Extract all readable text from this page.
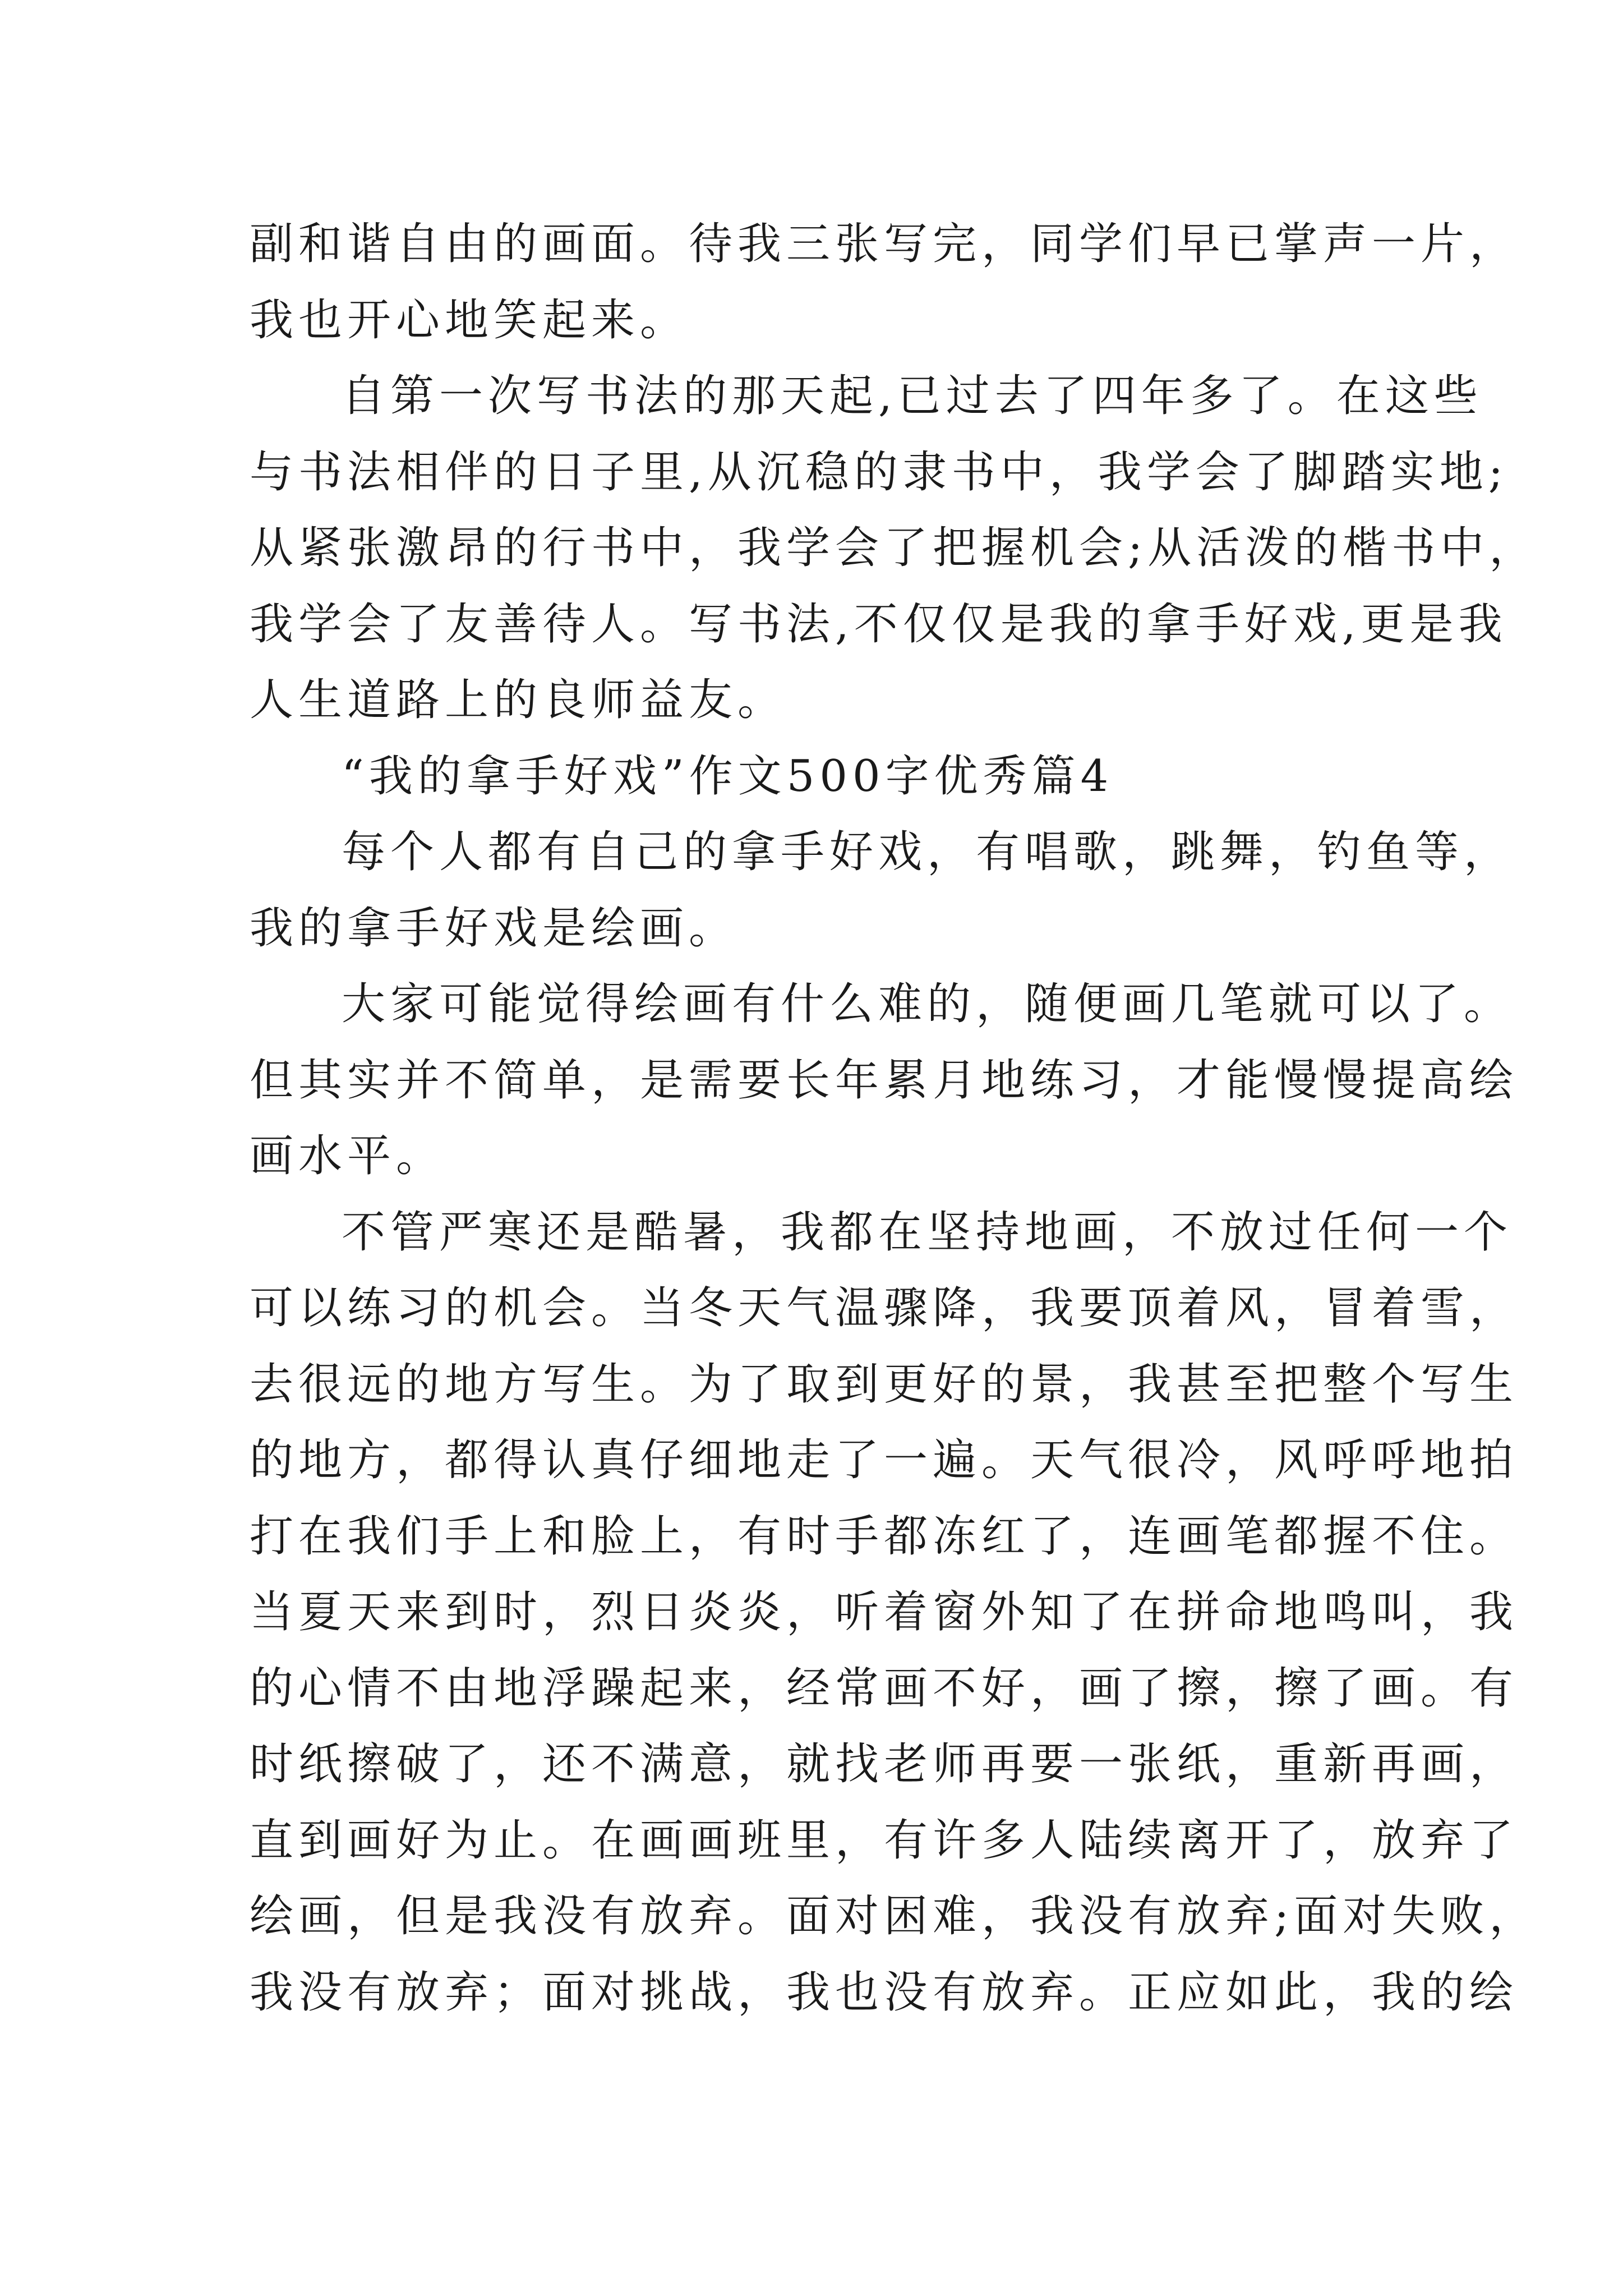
副和谐自由的画面。待我三张写完，同学们早已掌声一片，
我也开心地笑起来。
自第一次写书法的那天起,已过去了四年多了。在这些
与书法相伴的日子里,从沉稳的隶书中，我学会了脚踏实地;
从紧张激昂的行书中，我学会了把握机会;从活泼的楷书中，
我学会了友善待人。写书法,不仅仅是我的拿手好戏,更是我
人生道路上的良师益友。
“我的拿手好戏”作文500字优秀篇4
每个人都有自己的拿手好戏，有唱歌，跳舞，钓鱼等，
我的拿手好戏是绘画。
大家可能觉得绘画有什么难的，随便画几笔就可以了。
但其实并不简单，是需要长年累月地练习，才能慢慢提高绘
画水平。
不管严寒还是酷暑，我都在坚持地画，不放过任何一个
可以练习的机会。当冬天气温骤降，我要顶着风，冒着雪，
去很远的地方写生。为了取到更好的景，我甚至把整个写生
的地方，都得认真仔细地走了一遍。天气很冷，风呼呼地拍
打在我们手上和脸上，有时手都冻红了，连画笔都握不住。
当夏天来到时，烈日炎炎，听着窗外知了在拼命地鸣叫，我
的心情不由地浮躁起来，经常画不好，画了擦，擦了画。有
时纸擦破了，还不满意，就找老师再要一张纸，重新再画，
直到画好为止。在画画班里，有许多人陆续离开了，放弃了
绘画，但是我没有放弃。面对困难，我没有放弃;面对失败，
我没有放弃；面对挑战，我也没有放弃。正应如此，我的绘
